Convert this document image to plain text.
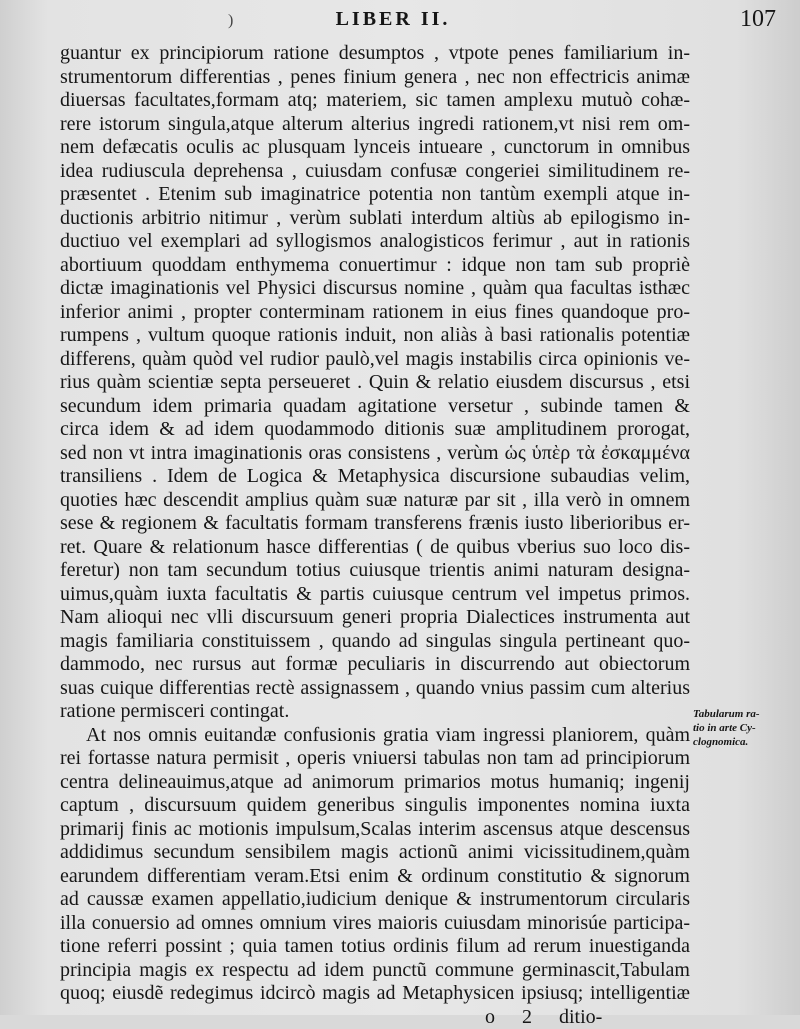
)	LIBER II.	107
guantur ex principiorum ratione desumptos , vtpote penes familiarium in-
strumentorum differentias , penes finium genera , nec non effectricis animæ
diuersas facultates,formam atq; materiem, sic tamen amplexu mutuò cohæ-
rere istorum singula,atque alterum alterius ingredi rationem,vt nisi rem om-
nem defæcatis oculis ac plusquam lynceis intueare , cunctorum in omnibus
idea rudiuscula deprehensa , cuiusdam confusæ congeriei similitudinem re-
præsentet . Etenim sub imaginatrice potentia non tantùm exempli atque in-
ductionis arbitrio nitimur , verùm sublati interdum altiùs ab epilogismo in-
ductiuo vel exemplari ad syllogismos analogisticos ferimur , aut in rationis
abortiuum quoddam enthymema conuertimur : idque non tam sub propriè
dictæ imaginationis vel Physici discursus nomine , quàm qua facultas isthæc
inferior animi , propter conterminam rationem in eius fines quandoque pro-
rumpens , vultum quoque rationis induit, non aliàs à basi rationalis potentiæ
differens, quàm quòd vel rudior paulò,vel magis instabilis circa opinionis ve-
rius quàm scientiæ septa perseueret . Quin & relatio eiusdem discursus , etsi
secundum idem primaria quadam agitatione versetur , subinde tamen &
circa idem & ad idem quodammodo ditionis suæ amplitudinem prorogat,
sed non vt intra imaginationis oras consistens , verùm ὡς ὑπὲρ τὰ ἐσκαμμένα
transiliens . Idem de Logica & Metaphysica discursione subaudias velim,
quoties hæc descendit amplius quàm suæ naturæ par sit , illa verò in omnem
sese & regionem & facultatis formam transferens frænis iusto liberioribus er-
ret. Quare & relationum hasce differentias ( de quibus vberius suo loco dis-
feretur) non tam secundum totius cuiusque trientis animi naturam designa-
uimus,quàm iuxta facultatis & partis cuiusque centrum vel impetus primos.
Nam alioqui nec vlli discursuum generi propria Dialectices instrumenta aut
magis familiaria constituissem , quando ad singulas singula pertineant quo-
dammodo, nec rursus aut formæ peculiaris in discurrendo aut obiectorum
suas cuique differentias rectè assignassem , quando vnius passim cum alterius
ratione permisceri contingat.
At nos omnis euitandæ confusionis gratia viam ingressi planiorem, quàm
rei fortasse natura permisit , operis vniuersi tabulas non tam ad principiorum
centra delineauimus,atque ad animorum primarios motus humaniq; ingenij
captum , discursuum quidem generibus singulis imponentes nomina iuxta
primarij finis ac motionis impulsum,Scalas interim ascensus atque descensus
addidimus secundum sensibilem magis actionũ animi vicissitudinem,quàm
earundem differentiam veram.Etsi enim & ordinum constitutio & signorum
ad caussæ examen appellatio,iudicium denique & instrumentorum circularis
illa conuersio ad omnes omnium vires maioris cuiusdam minorisúe participa-
tione referri possint ; quia tamen totius ordinis filum ad rerum inuestiganda
principia magis ex respectu ad idem punctũ commune germinascit,Tabulam
quoq; eiusdẽ redegimus idcircò magis ad Metaphysicen ipsiusq; intelligentiæ
o 2 ditio-
Tabularum ra-
tio in arte Cy-
clognomica.
